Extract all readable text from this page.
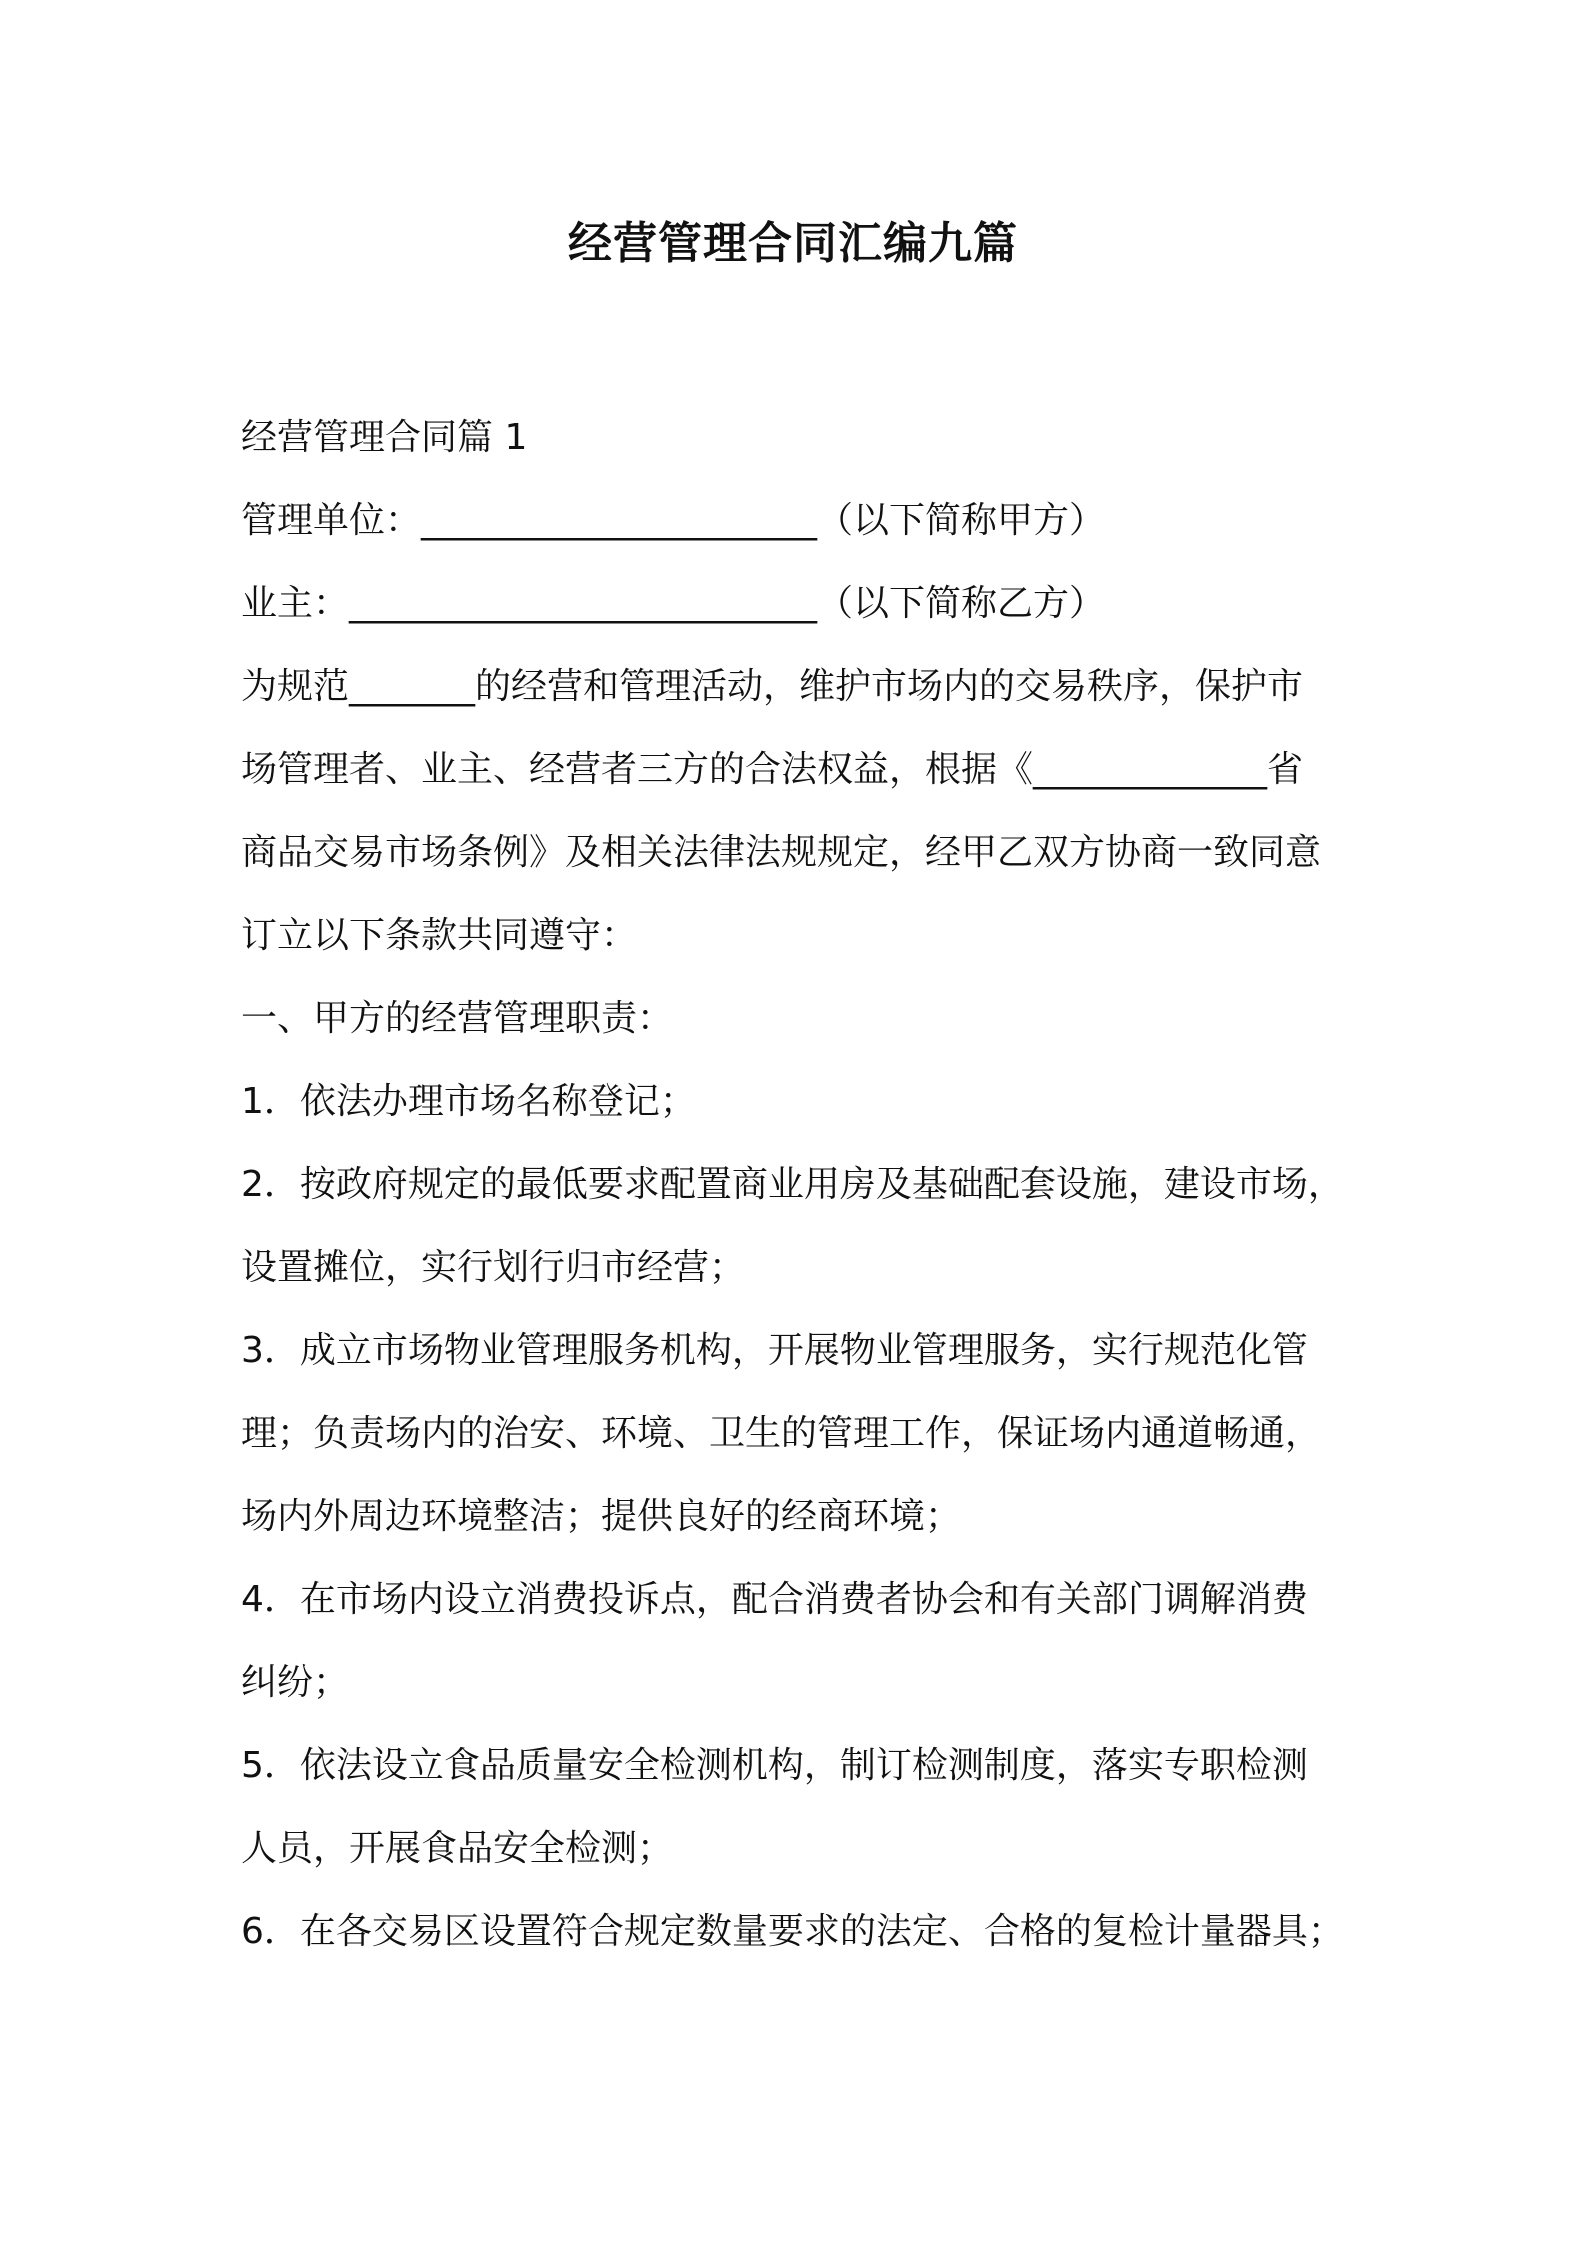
经营管理合同汇编九篇
经营管理合同篇 1
管理单位：______________________（以下简称甲方）
业主：__________________________（以下简称乙方）
为规范_______的经营和管理活动，维护市场内的交易秩序，保护市
场管理者、业主、经营者三方的合法权益，根据《_____________省
商品交易市场条例》及相关法律法规规定，经甲乙双方协商一致同意
订立以下条款共同遵守：
一、甲方的经营管理职责：
1．依法办理市场名称登记；
2．按政府规定的最低要求配置商业用房及基础配套设施，建设市场，
设置摊位，实行划行归市经营；
3．成立市场物业管理服务机构，开展物业管理服务，实行规范化管
理；负责场内的治安、环境、卫生的管理工作，保证场内通道畅通，
场内外周边环境整洁；提供良好的经商环境；
4．在市场内设立消费投诉点，配合消费者协会和有关部门调解消费
纠纷；
5．依法设立食品质量安全检测机构，制订检测制度，落实专职检测
人员，开展食品安全检测；
6．在各交易区设置符合规定数量要求的法定、合格的复检计量器具；
